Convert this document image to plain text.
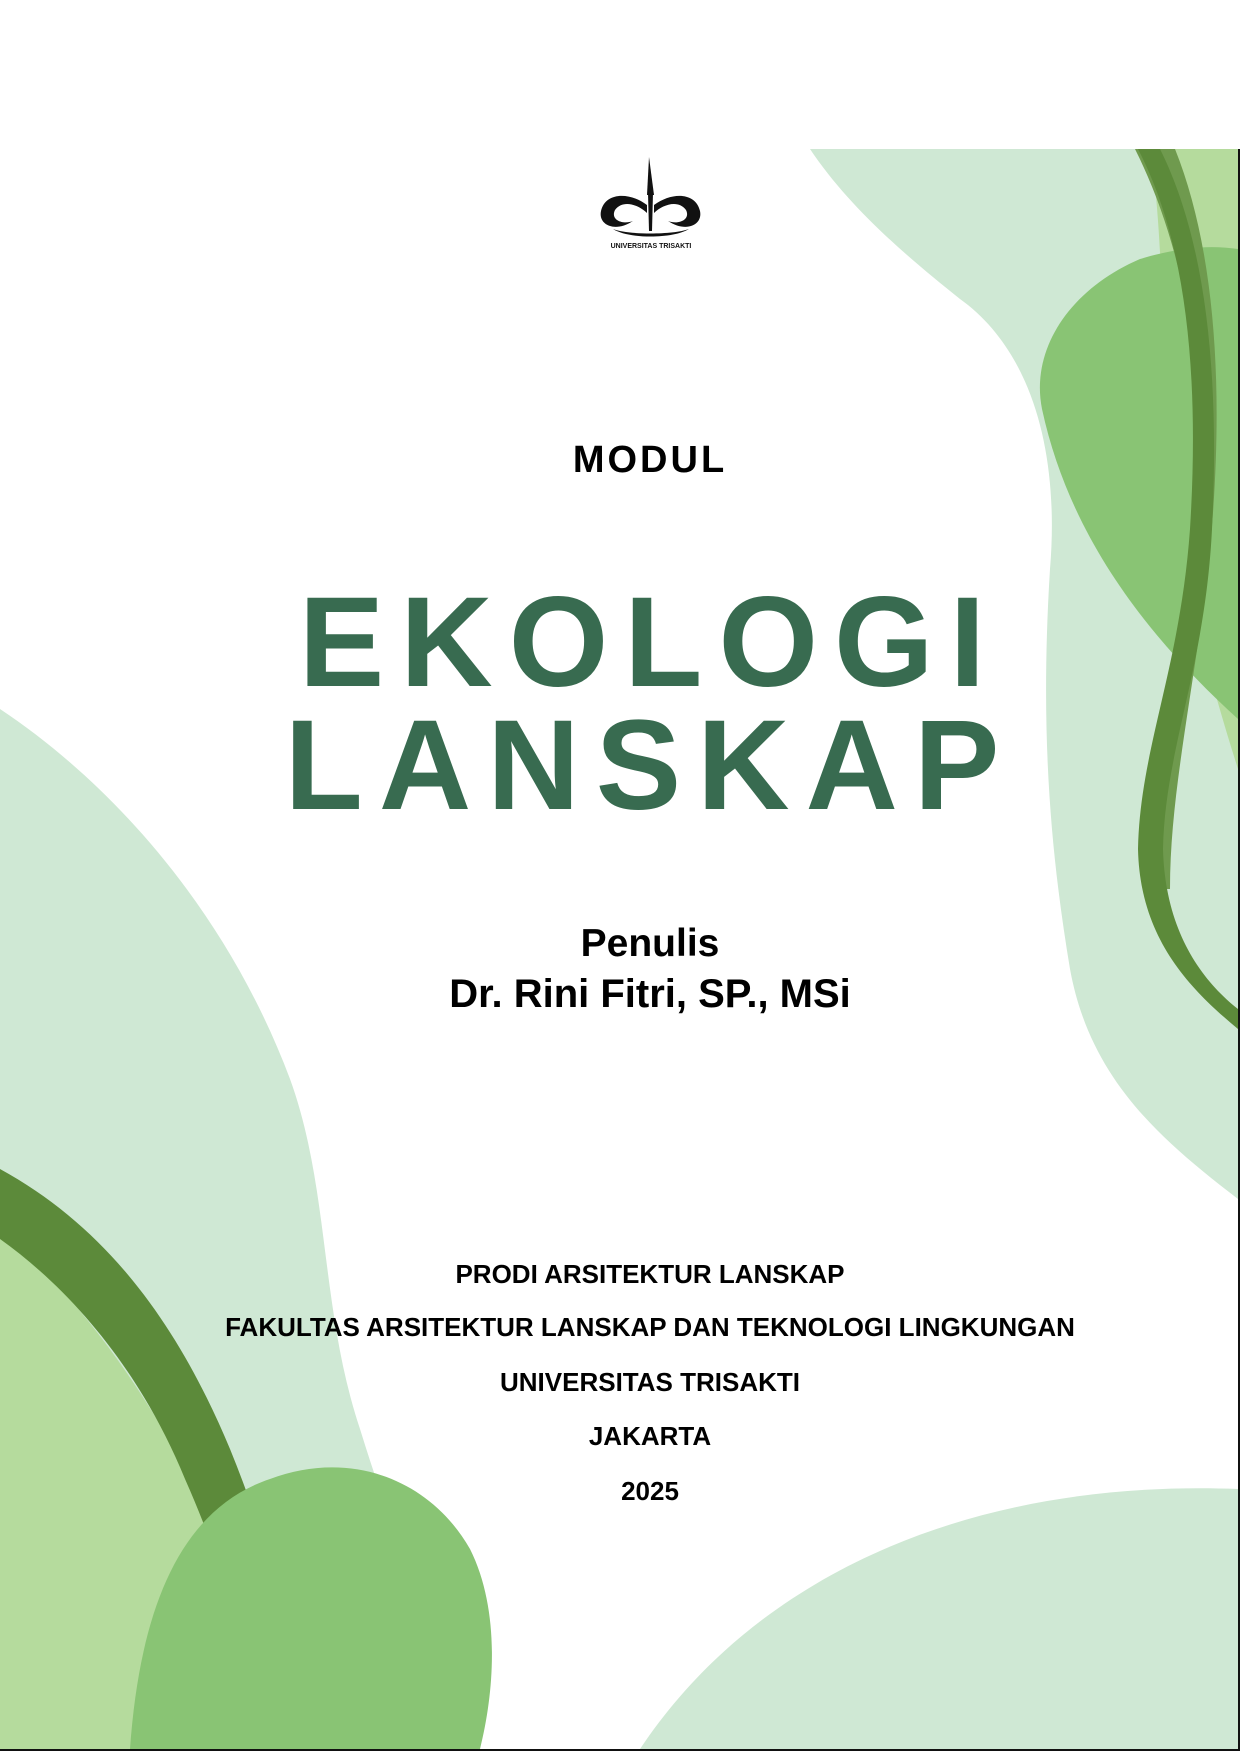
UNIVERSITAS TRISAKTI
MODUL
EKOLOGI
LANSKAP
Penulis
Dr. Rini Fitri, SP., MSi
PRODI ARSITEKTUR LANSKAP
FAKULTAS ARSITEKTUR LANSKAP DAN TEKNOLOGI LINGKUNGAN
UNIVERSITAS TRISAKTI
JAKARTA
2025
